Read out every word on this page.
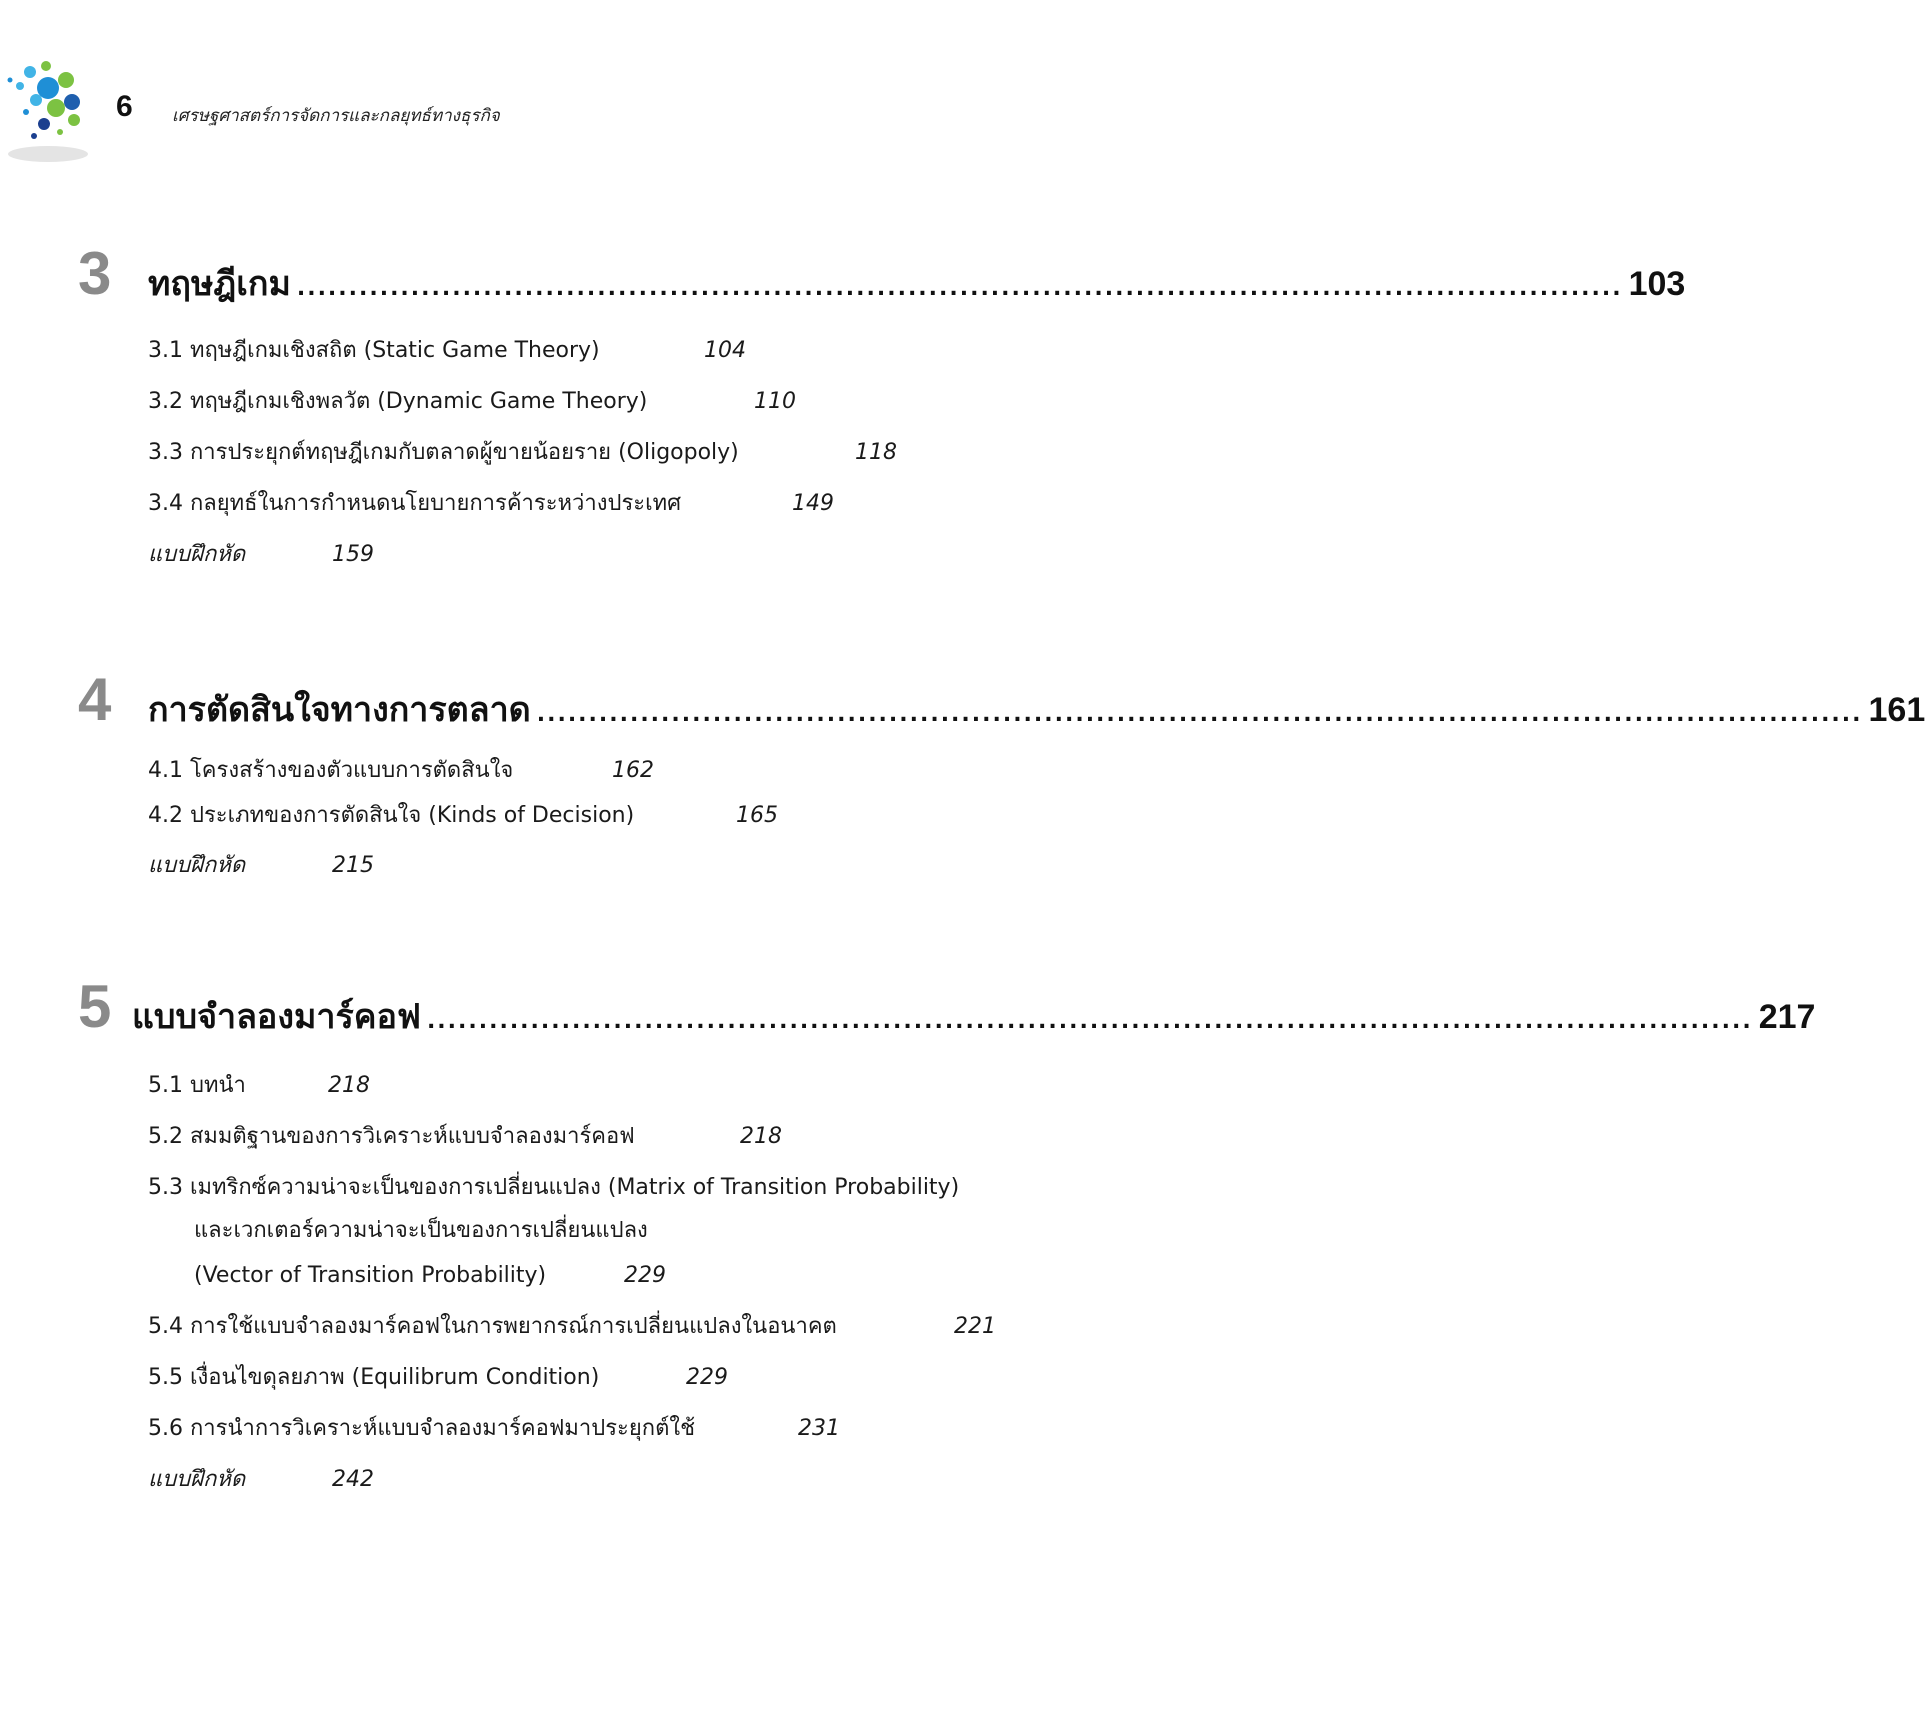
6 เศรษฐศาสตร์การจัดการและกลยุทธ์ทางธุรกิจ
3 ทฤษฎีเกม ................................................................................................................................ 103
3.1 ทฤษฎีเกมเชิงสถิต (Static Game Theory)	104
3.2 ทฤษฎีเกมเชิงพลวัต (Dynamic Game Theory)	110
3.3 การประยุกต์ทฤษฎีเกมกับตลาดผู้ขายน้อยราย (Oligopoly)	118
3.4 กลยุทธ์ในการกำหนดนโยบายการค้าระหว่างประเทศ	149
แบบฝึกหัด	159
4 การตัดสินใจทางการตลาด ................................................................................................................................ 161
4.1 โครงสร้างของตัวแบบการตัดสินใจ	162
4.2 ประเภทของการตัดสินใจ (Kinds of Decision)	165
แบบฝึกหัด	215
5 แบบจำลองมาร์คอฟ ................................................................................................................................ 217
5.1 บทนำ	218
5.2 สมมติฐานของการวิเคราะห์แบบจำลองมาร์คอฟ	218
5.3 เมทริกซ์ความน่าจะเป็นของการเปลี่ยนแปลง (Matrix of Transition Probability)
และเวกเตอร์ความน่าจะเป็นของการเปลี่ยนแปลง
(Vector of Transition Probability)	229
5.4 การใช้แบบจำลองมาร์คอฟในการพยากรณ์การเปลี่ยนแปลงในอนาคต	221
5.5 เงื่อนไขดุลยภาพ (Equilibrum Condition)	229
5.6 การนำการวิเคราะห์แบบจำลองมาร์คอฟมาประยุกต์ใช้	231
แบบฝึกหัด	242
